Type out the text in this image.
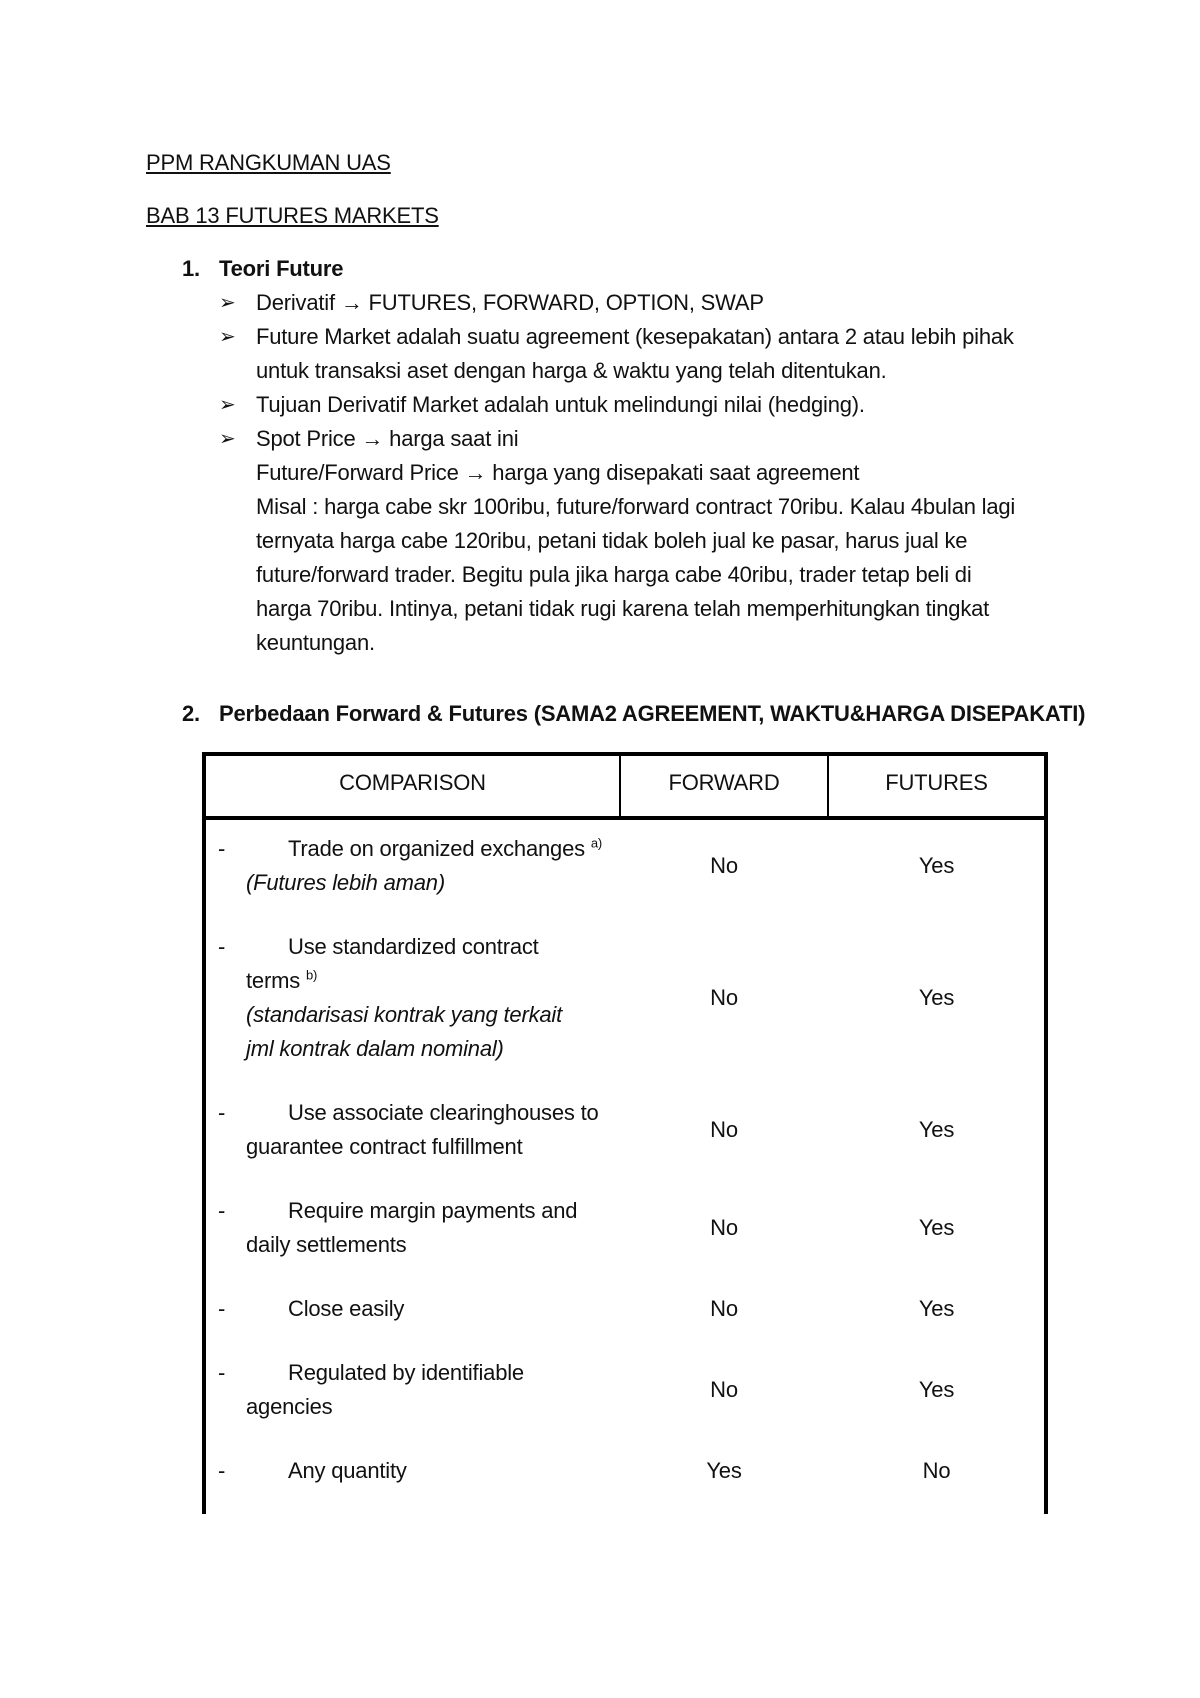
PPM RANGKUMAN UAS
BAB 13 FUTURES MARKETS
1. Teori Future
➢ Derivatif → FUTURES, FORWARD, OPTION, SWAP
➢ Future Market adalah suatu agreement (kesepakatan) antara 2 atau lebih pihak
untuk transaksi aset dengan harga & waktu yang telah ditentukan.
➢ Tujuan Derivatif Market adalah untuk melindungi nilai (hedging).
➢ Spot Price → harga saat ini
Future/Forward Price → harga yang disepakati saat agreement
Misal : harga cabe skr 100ribu, future/forward contract 70ribu. Kalau 4bulan lagi
ternyata harga cabe 120ribu, petani tidak boleh jual ke pasar, harus jual ke
future/forward trader. Begitu pula jika harga cabe 40ribu, trader tetap beli di
harga 70ribu. Intinya, petani tidak rugi karena telah memperhitungkan tingkat
keuntungan.
2. Perbedaan Forward & Futures (SAMA2 AGREEMENT, WAKTU&HARGA DISEPAKATI)
COMPARISON	FORWARD	FUTURES
-	Trade on organized exchanges $^{a)}$
(Futures lebih aman)
No	Yes
-	Use standardized contract
terms $^{b)}$
(standarisasi kontrak yang terkait
jml kontrak dalam nominal)
No	Yes
-	Use associate clearinghouses to
guarantee contract fulfillment
No	Yes
-	Require margin payments and
daily settlements
No	Yes
-	Close easily	No	Yes
-	Regulated by identifiable
agencies
No	Yes
-	Any quantity	Yes	No
